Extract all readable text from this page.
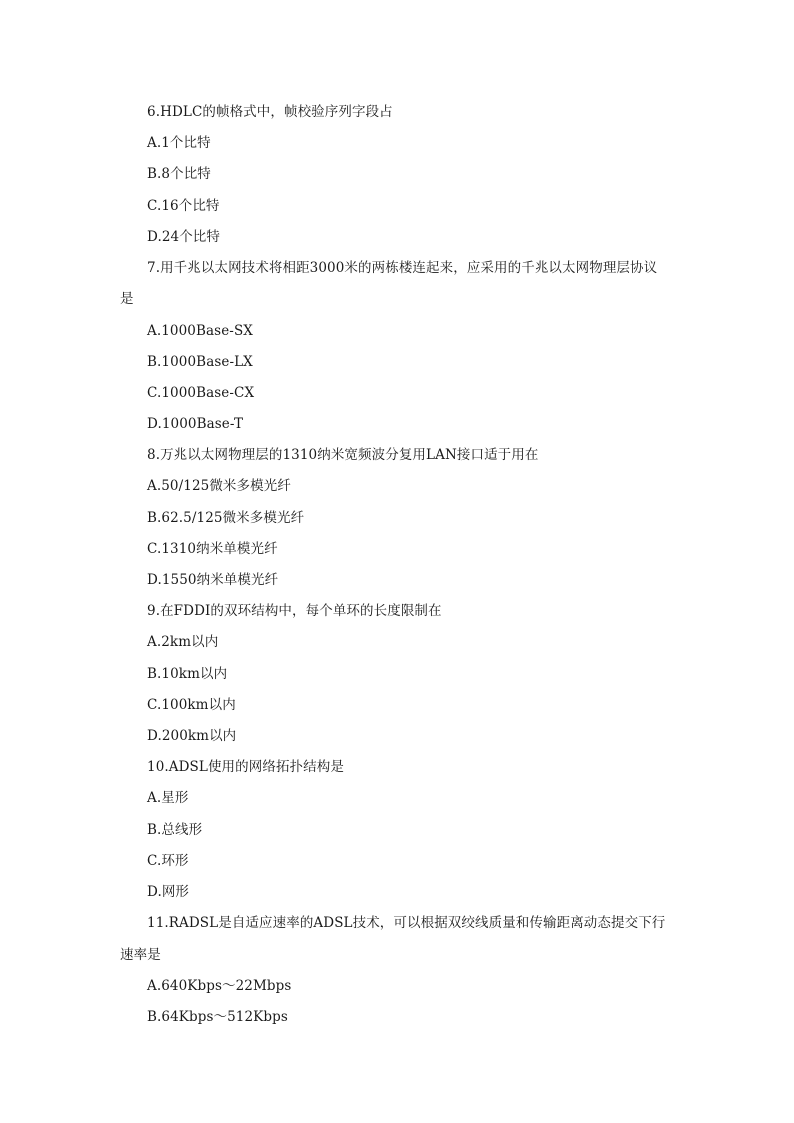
6.HDLC的帧格式中，帧校验序列字段占
A.1个比特
B.8个比特
C.16个比特
D.24个比特
7.用千兆以太网技术将相距3000米的两栋楼连起来，应采用的千兆以太网物理层协议
是
A.1000Base-SX
B.1000Base-LX
C.1000Base-CX
D.1000Base-T
8.万兆以太网物理层的1310纳米宽频波分复用LAN接口适于用在
A.50/125微米多模光纤
B.62.5/125微米多模光纤
C.1310纳米单模光纤
D.1550纳米单模光纤
9.在FDDI的双环结构中，每个单环的长度限制在
A.2km以内
B.10km以内
C.100km以内
D.200km以内
10.ADSL使用的网络拓扑结构是
A.星形
B.总线形
C.环形
D.网形
11.RADSL是自适应速率的ADSL技术，可以根据双绞线质量和传输距离动态提交下行
速率是
A.640Kbps～22Mbps
B.64Kbps～512Kbps
